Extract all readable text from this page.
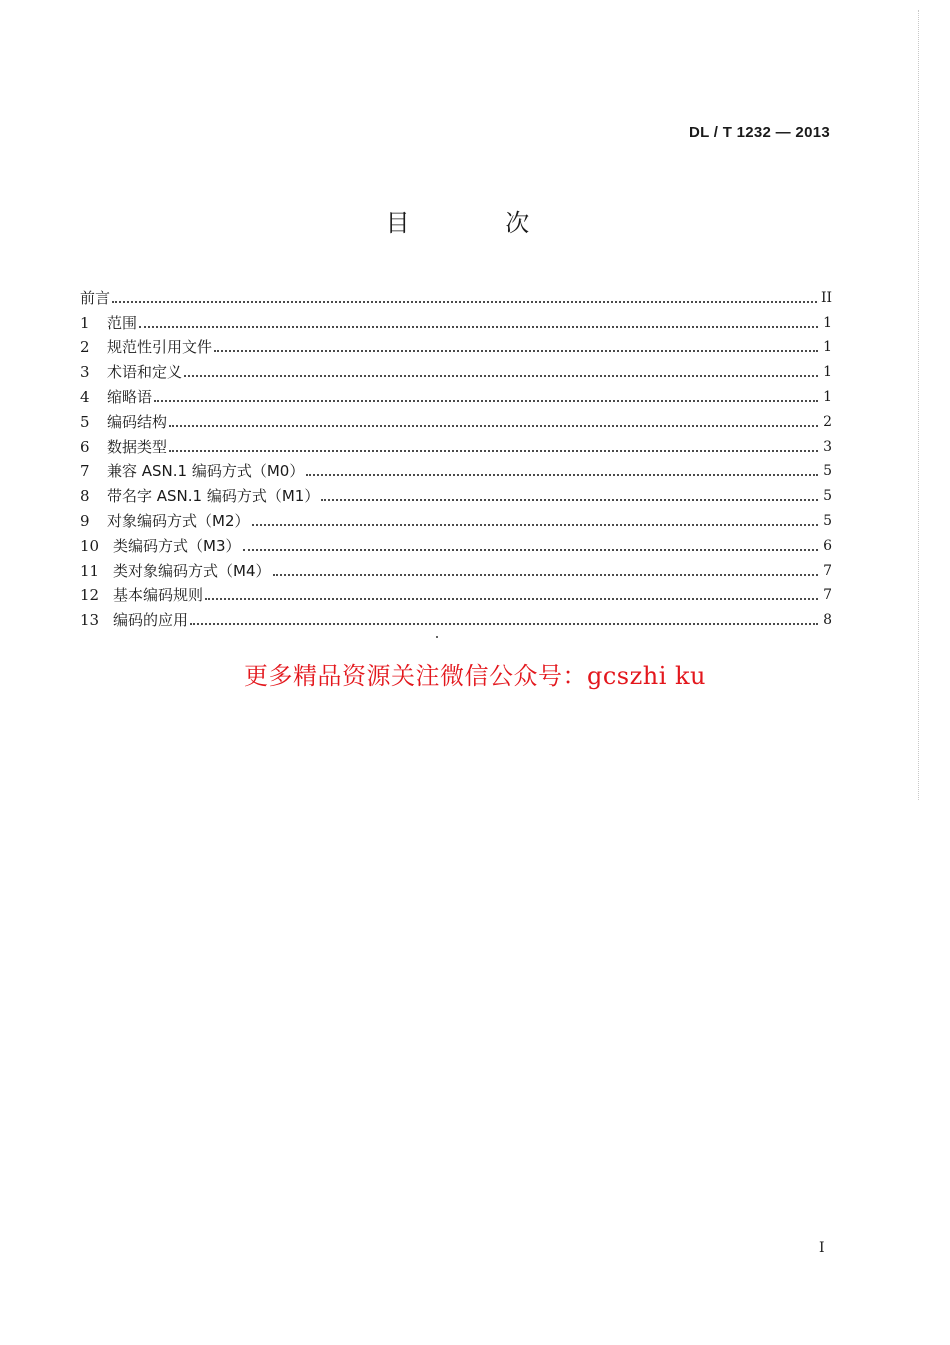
DL / T 1232 — 2013
目 次
前言	II
1	范围	1
2	规范性引用文件	1
3	术语和定义	1
4	缩略语	1
5	编码结构	2
6	数据类型	3
7	兼容 ASN.1 编码方式（M0）	5
8	带名字 ASN.1 编码方式（M1）	5
9	对象编码方式（M2）	5
10 类编码方式（M3）	6
11 类对象编码方式（M4）	7
12 基本编码规则	7
13 编码的应用	8
更多精品资源关注微信公众号：gcszhi ku
I
